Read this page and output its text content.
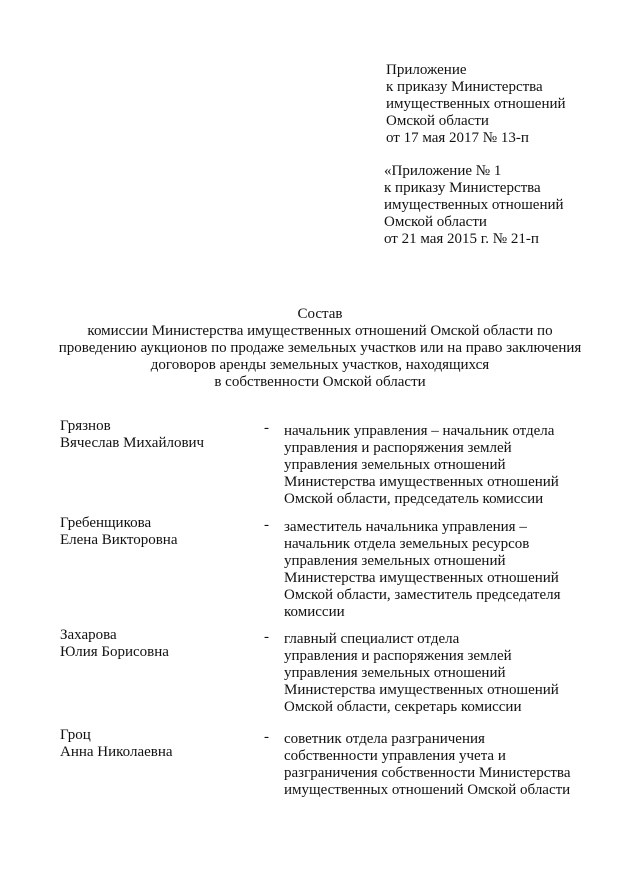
Приложение
к приказу Министерства
имущественных отношений
Омской области
от 17 мая 2017 № 13-п
«Приложение № 1
к приказу Министерства
имущественных отношений
Омской области
от 21 мая 2015 г. № 21-п
Состав
комиссии Министерства имущественных отношений Омской области по
проведению аукционов по продаже земельных участков или на право заключения
договоров аренды земельных участков, находящихся
в собственности Омской области
Грязнов
Вячеслав Михайлович
- начальник управления – начальник отдела
управления и распоряжения землей
управления земельных отношений
Министерства имущественных отношений
Омской области, председатель комиссии
Гребенщикова
Елена Викторовна
- заместитель начальника управления –
начальник отдела земельных ресурсов
управления земельных отношений
Министерства имущественных отношений
Омской области, заместитель председателя
комиссии
Захарова
Юлия Борисовна
- главный специалист отдела
управления и распоряжения землей
управления земельных отношений
Министерства имущественных отношений
Омской области, секретарь комиссии
Гроц
Анна Николаевна
- советник отдела разграничения
собственности управления учета и
разграничения собственности Министерства
имущественных отношений Омской области
